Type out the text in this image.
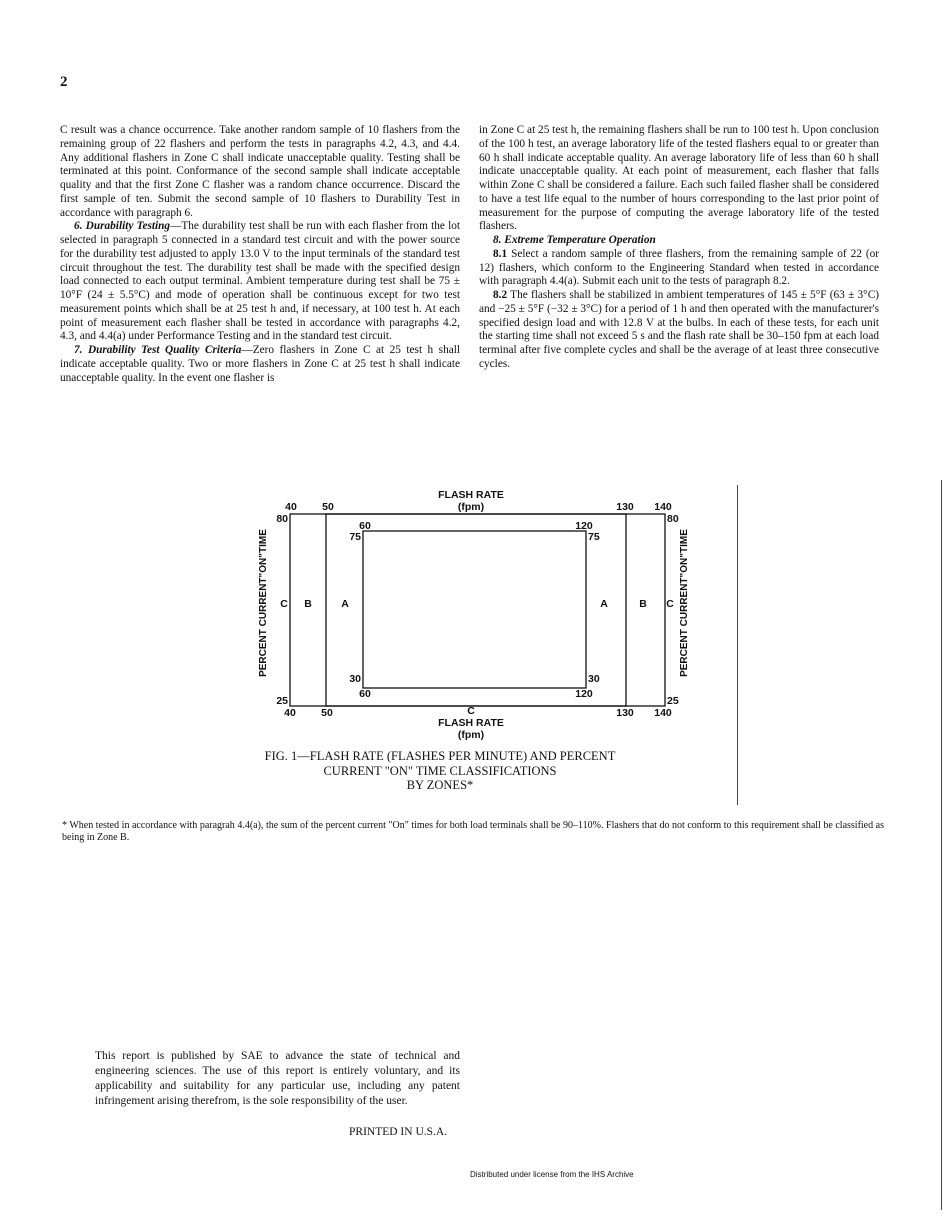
2

C result was a chance occurrence. Take another random sample of 10 flashers from the remaining group of 22 flashers and perform the tests in paragraphs 4.2, 4.3, and 4.4. Any additional flashers in Zone C shall indicate unacceptable quality. Testing shall be terminated at this point. Conformance of the second sample shall indicate acceptable quality and that the first Zone C flasher was a random chance occurrence. Discard the first sample of ten. Submit the second sample of 10 flashers to Durability Test in accordance with paragraph 6.

6. Durability Testing—The durability test shall be run with each flasher from the lot selected in paragraph 5 connected in a standard test circuit and with the power source for the durability test adjusted to apply 13.0 V to the input terminals of the standard test circuit throughout the test. The durability test shall be made with the specified design load connected to each output terminal. Ambient temperature during test shall be 75 ± 10°F (24 ± 5.5°C) and mode of operation shall be continuous except for two test measurement points which shall be at 25 test h and, if necessary, at 100 test h. At each point of measurement each flasher shall be tested in accordance with paragraphs 4.2, 4.3, and 4.4(a) under Performance Testing and in the standard test circuit.

7. Durability Test Quality Criteria—Zero flashers in Zone C at 25 test h shall indicate acceptable quality. Two or more flashers in Zone C at 25 test h shall indicate unacceptable quality. In the event one flasher is

in Zone C at 25 test h, the remaining flashers shall be run to 100 test h. Upon conclusion of the 100 h test, an average laboratory life of the tested flashers equal to or greater than 60 h shall indicate acceptable quality. An average laboratory life of less than 60 h shall indicate unacceptable quality. At each point of measurement, each flasher that falls within Zone C shall be considered a failure. Each such failed flasher shall be considered to have a test life equal to the number of hours corresponding to the last prior point of measurement for the purpose of computing the average laboratory life of the tested flashers.

8. Extreme Temperature Operation

8.1 Select a random sample of three flashers, from the remaining sample of 22 (or 12) flashers, which conform to the Engineering Standard when tested in accordance with paragraph 4.4(a). Submit each unit to the tests of paragraph 8.2.

8.2 The flashers shall be stabilized in ambient temperatures of 145 ± 5°F (63 ± 3°C) and −25 ± 5°F (−32 ± 3°C) for a period of 1 h and then operated with the manufacturer's specified design load and with 12.8 V at the bulbs. In each of these tests, for each unit the starting time shall not exceed 5 s and the flash rate shall be 30–150 fpm at each load terminal after five complete cycles and shall be the average of at least three consecutive cycles.

FLASH RATE
(fpm)
40 50	130 140
60	120
80	80
75	75
30	30
60	120
25	25
40 50	130 140
C
FLASH RATE
(fpm)
C B	A	A	B C
PERCENT CURRENT"ON"TIME	PERCENT CURRENT"ON"TIME
FIG. 1—FLASH RATE (FLASHES PER MINUTE) AND PERCENT
CURRENT "ON" TIME CLASSIFICATIONS
BY ZONES*
* When tested in accordance with paragrah 4.4(a), the sum of the percent current "On" times for both load terminals shall be 90–110%. Flashers that do not conform to this requirement shall be classified as being in Zone B.
This report is published by SAE to advance the state of technical and engineering sciences. The use of this report is entirely voluntary, and its applicability and suitability for any particular use, including any patent infringement arising therefrom, is the sole responsibility of the user.
PRINTED IN U.S.A.
Distributed under license from the IHS Archive
